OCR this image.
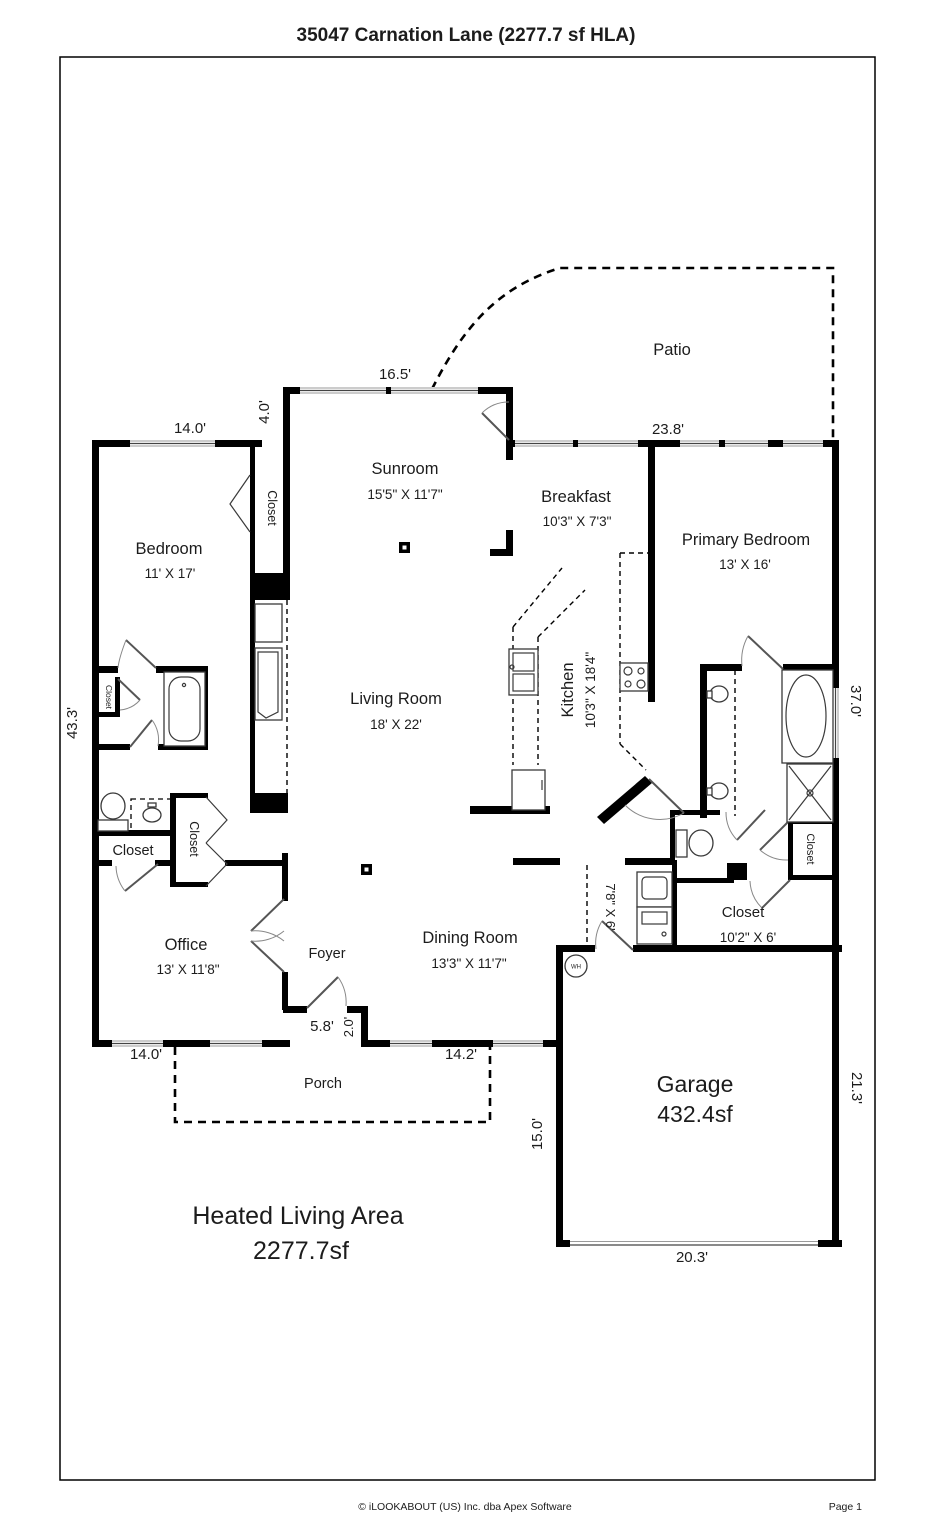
35047 Carnation Lane (2277.7 sf HLA)
WH
Patio
Sunroom
15'5" X 11'7"
Bedroom
11' X 17'
Breakfast
10'3" X 7'3"
Primary Bedroom
13' X 16'
Living Room
18' X 22'
Kitchen 10'3" X 18'4"
Office
13' X 11'8"
Foyer
Dining Room
13'3" X 11'7"
7'8" X 6'
Garage
432.4sf
Porch
Closet
Closet
Closet
Closet	Closet
Closet
10'2" X 6'
16.5'
14.0'
4.0'
23.8'
43.3'
37.0'
14.0'
5.8' 2.0'
14.2'
15.0'
21.3'
20.3'
Heated Living Area
2277.7sf
© iLOOKABOUT (US) Inc. dba Apex Software	Page 1
